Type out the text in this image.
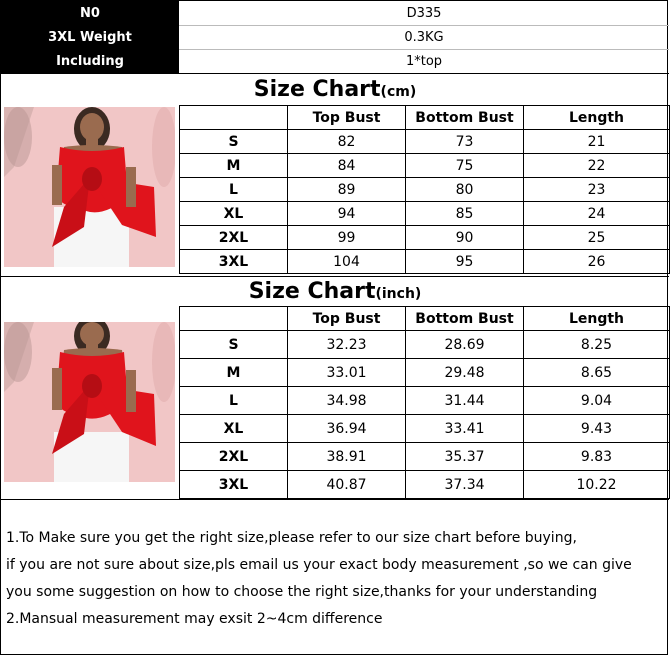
N0	D335
3XL Weight	0.3KG
Including	1*top
Size Chart (cm)
	Top Bust	Bottom Bust	Length
S	82	73	21
M	84	75	22
L	89	80	23
XL	94	85	24
2XL	99	90	25
3XL	104	95	26
Size Chart (inch)
	Top Bust	Bottom Bust	Length
S	32.23	28.69	8.25
M	33.01	29.48	8.65
L	34.98	31.44	9.04
XL	36.94	33.41	9.43
2XL	38.91	35.37	9.83
3XL	40.87	37.34	10.22
1.To Make sure you get the right size,please refer to our size chart before buying,
if you are not sure about size,pls email us your exact body measurement ,so we can give
you some suggestion on how to choose the right size,thanks for your understanding
2.Mansual measurement may exsit 2~4cm difference
